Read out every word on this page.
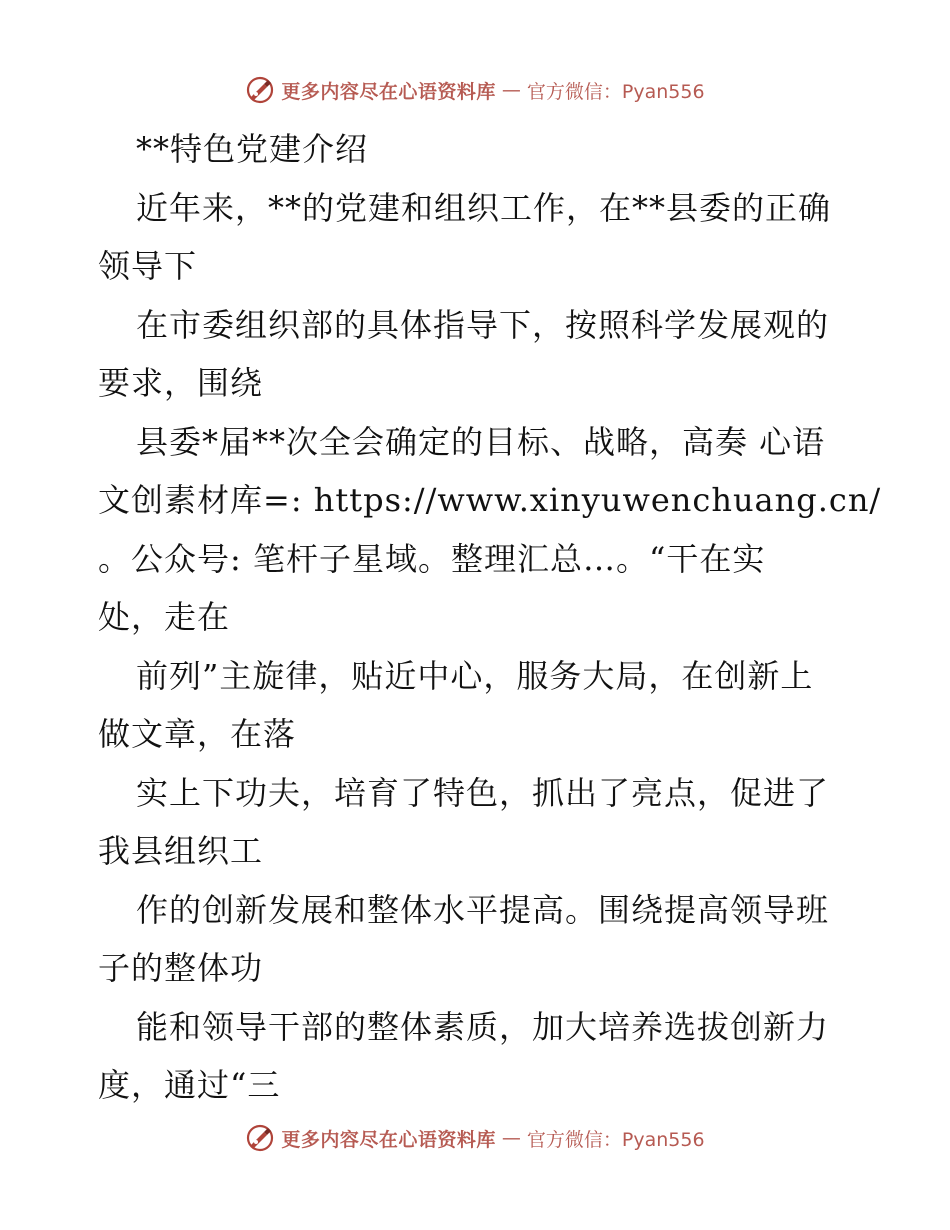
更多内容尽在心语资料库 — 官方微信：Pyan556
**特色党建介绍
近年来，**的党建和组织工作，在**县委的正确
领导下
在市委组织部的具体指导下，按照科学发展观的
要求，围绕
县委*届**次全会确定的目标、战略，高奏 心语
文创素材库=: https://www.xinyuwenchuang.cn/
。公众号: 笔杆子星域。整理汇总…。“干在实
处，走在
前列”主旋律，贴近中心，服务大局，在创新上
做文章，在落
实上下功夫，培育了特色，抓出了亮点，促进了
我县组织工
作的创新发展和整体水平提高。围绕提高领导班
子的整体功
能和领导干部的整体素质，加大培养选拔创新力
度，通过“三
更多内容尽在心语资料库 — 官方微信：Pyan556
